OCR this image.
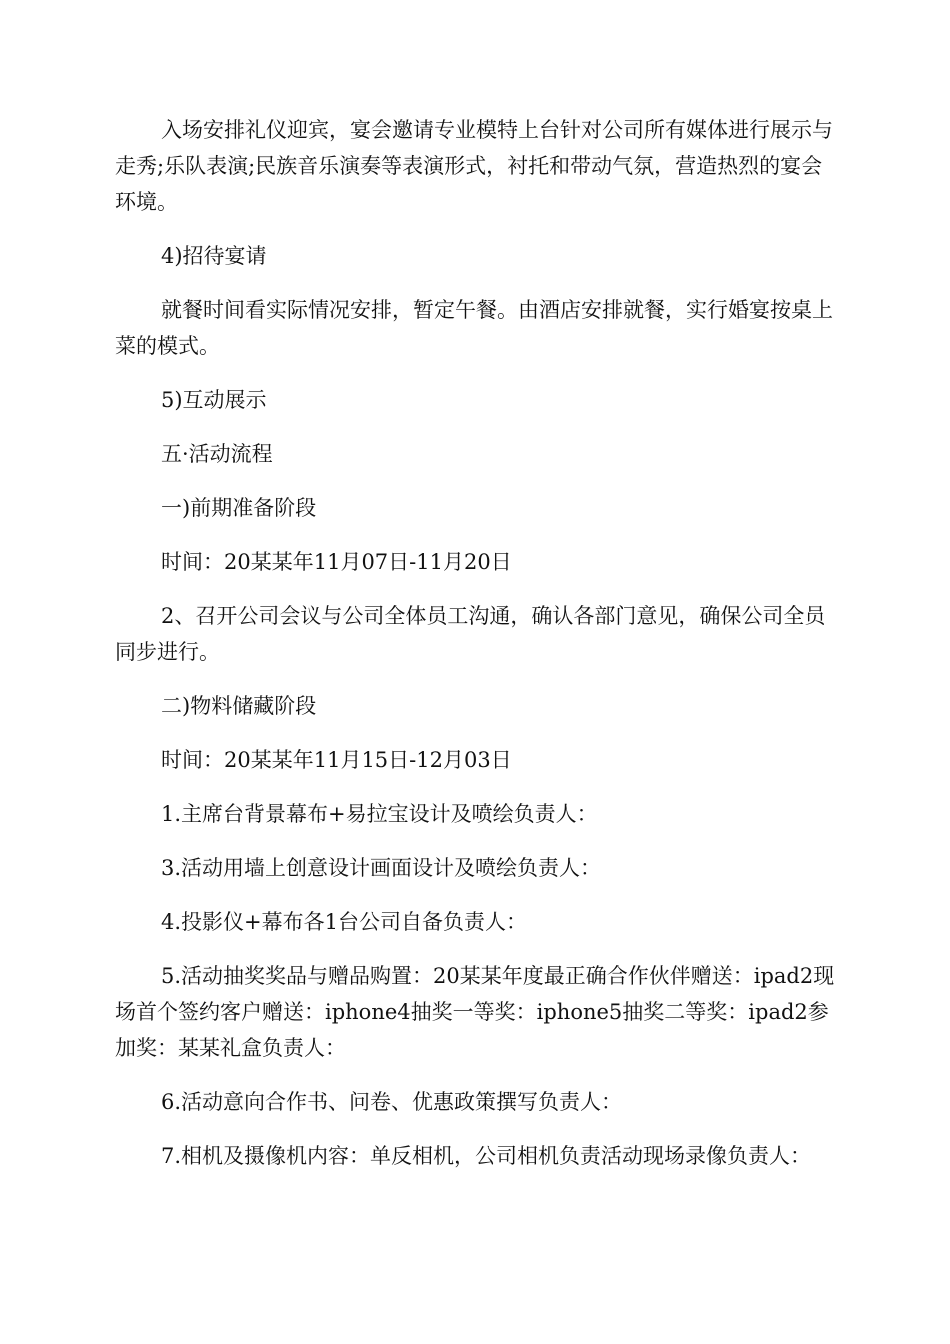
入场安排礼仪迎宾，宴会邀请专业模特上台针对公司所有媒体进行展示与走秀;乐队表演;民族音乐演奏等表演形式，衬托和带动气氛，营造热烈的宴会环境。

4)招待宴请

就餐时间看实际情况安排，暂定午餐。由酒店安排就餐，实行婚宴按桌上菜的模式。

5)互动展示

五·活动流程

一)前期准备阶段

时间：20某某年11月07日-11月20日

2、召开公司会议与公司全体员工沟通，确认各部门意见，确保公司全员同步进行。

二)物料储藏阶段

时间：20某某年11月15日-12月03日

1.主席台背景幕布+易拉宝设计及喷绘负责人：

3.活动用墙上创意设计画面设计及喷绘负责人：

4.投影仪+幕布各1台公司自备负责人：

5.活动抽奖奖品与赠品购置：20某某年度最正确合作伙伴赠送：ipad2现场首个签约客户赠送：iphone4抽奖一等奖：iphone5抽奖二等奖：ipad2参加奖：某某礼盒负责人：

6.活动意向合作书、问卷、优惠政策撰写负责人：

7.相机及摄像机内容：单反相机，公司相机负责活动现场录像负责人：
